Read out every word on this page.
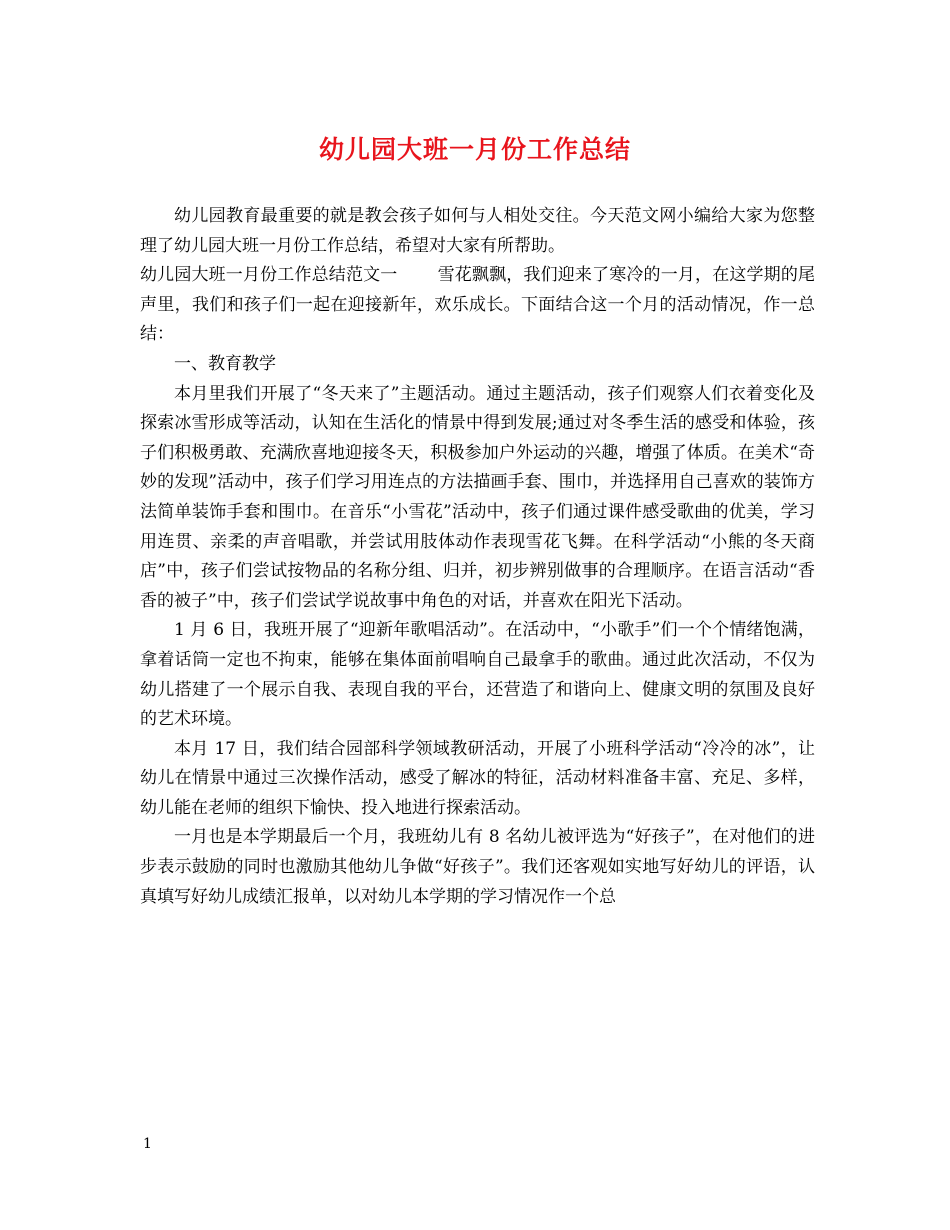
幼儿园大班一月份工作总结

幼儿园教育最重要的就是教会孩子如何与人相处交往。今天范文网小编给大家为您整理了幼儿园大班一月份工作总结，希望对大家有所帮助。

幼儿园大班一月份工作总结范文一 雪花飘飘，我们迎来了寒冷的一月，在这学期的尾声里，我们和孩子们一起在迎接新年，欢乐成长。下面结合这一个月的活动情况，作一总结：

一、教育教学

本月里我们开展了“冬天来了”主题活动。通过主题活动，孩子们观察人们衣着变化及探索冰雪形成等活动，认知在生活化的情景中得到发展;通过对冬季生活的感受和体验，孩子们积极勇敢、充满欣喜地迎接冬天，积极参加户外运动的兴趣，增强了体质。在美术“奇妙的发现”活动中，孩子们学习用连点的方法描画手套、围巾，并选择用自己喜欢的装饰方法简单装饰手套和围巾。在音乐“小雪花”活动中，孩子们通过课件感受歌曲的优美，学习用连贯、亲柔的声音唱歌，并尝试用肢体动作表现雪花飞舞。在科学活动“小熊的冬天商店”中，孩子们尝试按物品的名称分组、归并，初步辨别做事的合理顺序。在语言活动“香香的被子”中，孩子们尝试学说故事中角色的对话，并喜欢在阳光下活动。

1 月 6 日，我班开展了“迎新年歌唱活动”。在活动中，“小歌手”们一个个情绪饱满，拿着话筒一定也不拘束，能够在集体面前唱响自己最拿手的歌曲。通过此次活动，不仅为幼儿搭建了一个展示自我、表现自我的平台，还营造了和谐向上、健康文明的氛围及良好的艺术环境。

本月 17 日，我们结合园部科学领域教研活动，开展了小班科学活动“冷冷的冰”，让幼儿在情景中通过三次操作活动，感受了解冰的特征，活动材料准备丰富、充足、多样，幼儿能在老师的组织下愉快、投入地进行探索活动。

一月也是本学期最后一个月，我班幼儿有 8 名幼儿被评选为“好孩子”，在对他们的进步表示鼓励的同时也激励其他幼儿争做“好孩子”。我们还客观如实地写好幼儿的评语，认真填写好幼儿成绩汇报单，以对幼儿本学期的学习情况作一个总

1
